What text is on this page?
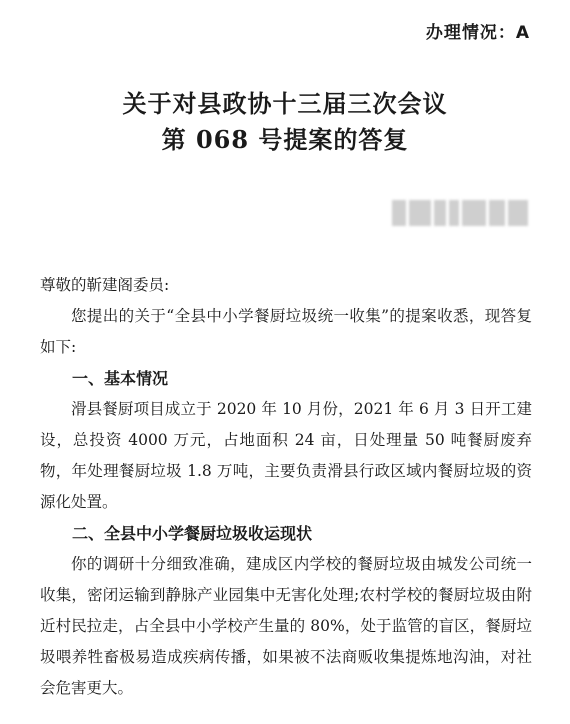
办理情况：A
关于对县政协十三届三次会议
第 068 号提案的答复

尊敬的靳建阁委员:

您提出的关于“全县中小学餐厨垃圾统一收集”的提案收悉，现答复如下:

一、基本情况

滑县餐厨项目成立于 2020 年 10 月份，2021 年 6 月 3 日开工建设，总投资 4000 万元，占地面积 24 亩，日处理量 50 吨餐厨废弃物，年处理餐厨垃圾 1.8 万吨，主要负责滑县行政区域内餐厨垃圾的资源化处置。

二、全县中小学餐厨垃圾收运现状

你的调研十分细致准确，建成区内学校的餐厨垃圾由城发公司统一收集，密闭运输到静脉产业园集中无害化处理;农村学校的餐厨垃圾由附近村民拉走，占全县中小学校产生量的 80%，处于监管的盲区，餐厨垃圾喂养牲畜极易造成疾病传播，如果被不法商贩收集提炼地沟油，对社会危害更大。
